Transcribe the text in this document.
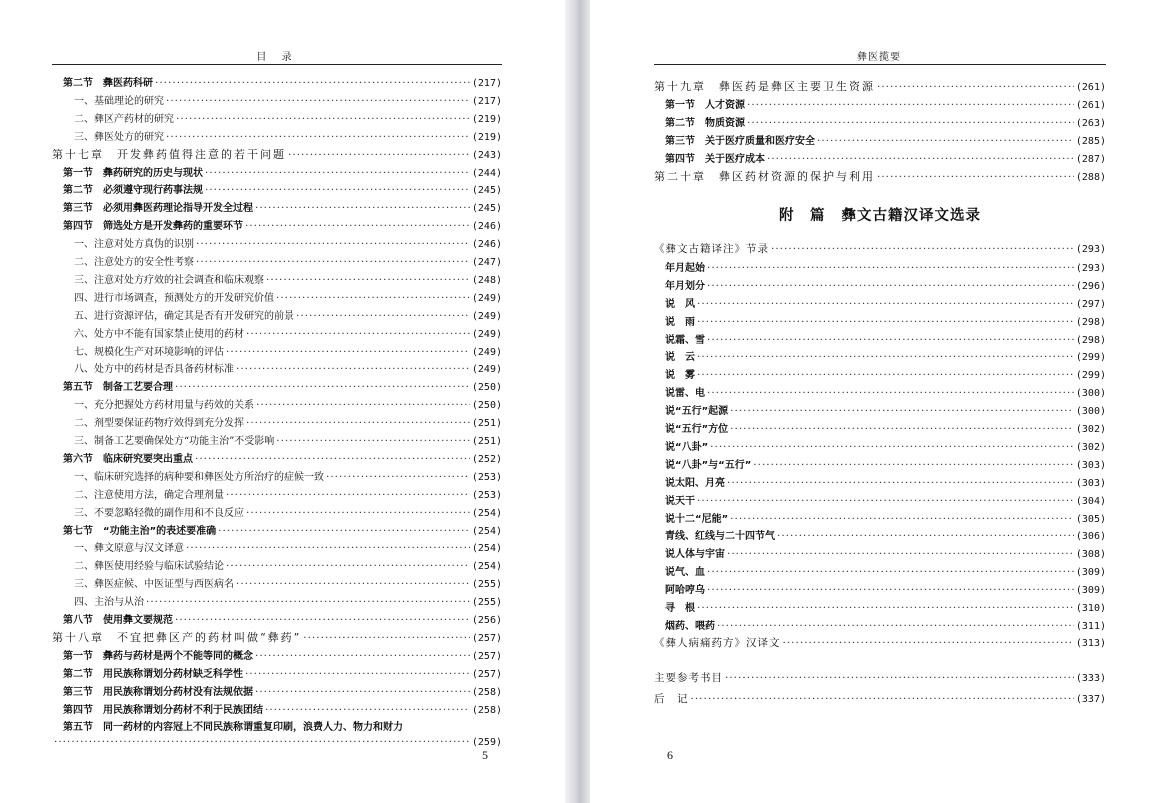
目 录
第二节　彝医药科研 ·····	(217)
一、基础理论的研究 ·····	(217)
二、彝区产药材的研究 ·····	(219)
三、彝医处方的研究 ·····	(219)
第十七章　开发彝药值得注意的若干问题 ·····	(243)
第一节　彝药研究的历史与现状 ·····	(244)
第二节　必须遵守现行药事法规 ·····	(245)
第三节　必须用彝医药理论指导开发全过程 ·····	(245)
第四节　筛选处方是开发彝药的重要环节 ·····	(246)
一、注意对处方真伪的识别 ·····	(246)
二、注意处方的安全性考察 ·····	(247)
三、注意对处方疗效的社会调查和临床观察 ·····	(248)
四、进行市场调查，预测处方的开发研究价值 ·····	(249)
五、进行资源评估，确定其是否有开发研究的前景 ·····	(249)
六、处方中不能有国家禁止使用的药材 ·····	(249)
七、规模化生产对环境影响的评估 ·····	(249)
八、处方中的药材是否具备药材标准 ·····	(249)
第五节　制备工艺要合理 ·····	(250)
一、充分把握处方药材用量与药效的关系 ·····	(250)
二、剂型要保证药物疗效得到充分发挥 ·····	(251)
三、制备工艺要确保处方“功能主治”不受影响 ·····	(251)
第六节　临床研究要突出重点 ·····	(252)
一、临床研究选择的病种要和彝医处方所治疗的症候一致 ·····	(253)
二、注意使用方法，确定合理剂量 ·····	(253)
三、不要忽略轻微的副作用和不良反应 ·····	(254)
第七节　“功能主治”的表述要准确 ·····	(254)
一、彝文原意与汉文译意 ·····	(254)
二、彝医使用经验与临床试验结论 ·····	(254)
三、彝医症候、中医证型与西医病名 ·····	(255)
四、主治与从治 ·····	(255)
第八节　使用彝文要规范 ·····	(256)
第十八章　不宜把彝区产的药材叫做“彝药” ·····	(257)
第一节　彝药与药材是两个不能等同的概念 ·····	(257)
第二节　用民族称谓划分药材缺乏科学性 ·····	(257)
第三节　用民族称谓划分药材没有法规依据 ·····	(258)
第四节　用民族称谓划分药材不利于民族团结 ·····	(258)
第五节　同一药材的内容冠上不同民族称谓重复印刷，浪费人力、物力和财力
·····
(259)
5
彝医揽要
第十九章　彝医药是彝区主要卫生资源 ·····	(261)
第一节　人才资源 ·····	(261)
第二节　物质资源 ·····	(263)
第三节　关于医疗质量和医疗安全 ·····	(285)
第四节　关于医疗成本 ·····	(287)
第二十章　彝区药材资源的保护与利用 ·····	(288)
附　篇 彝文古籍汉译文选录
《彝文古籍译注》节录 ·····	(293)
年月起始 ·····	(293)
年月划分 ·····	(296)
说　风 ·····	(297)
说　雨 ·····	(298)
说霜、雪 ·····	(298)
说　云 ·····	(299)
说　雾 ·····	(299)
说雷、电 ·····	(300)
说“五行”起源 ·····	(300)
说“五行”方位 ·····	(302)
说“八卦” ·····	(302)
说“八卦”与“五行” ·····	(303)
说太阳、月亮 ·····	(303)
说天干 ·····	(304)
说十二“尼能” ·····	(305)
青线、红线与二十四节气 ·····	(306)
说人体与宇宙 ·····	(308)
说气、血 ·····	(309)
阿哈哼乌 ·····	(309)
寻　根 ·····	(310)
烟药、喂药 ·····	(311)
《彝人病痛药方》汉译文 ·····	(313)
主要参考书目 ·····	(333)
后　记 ·····	(337)
6
